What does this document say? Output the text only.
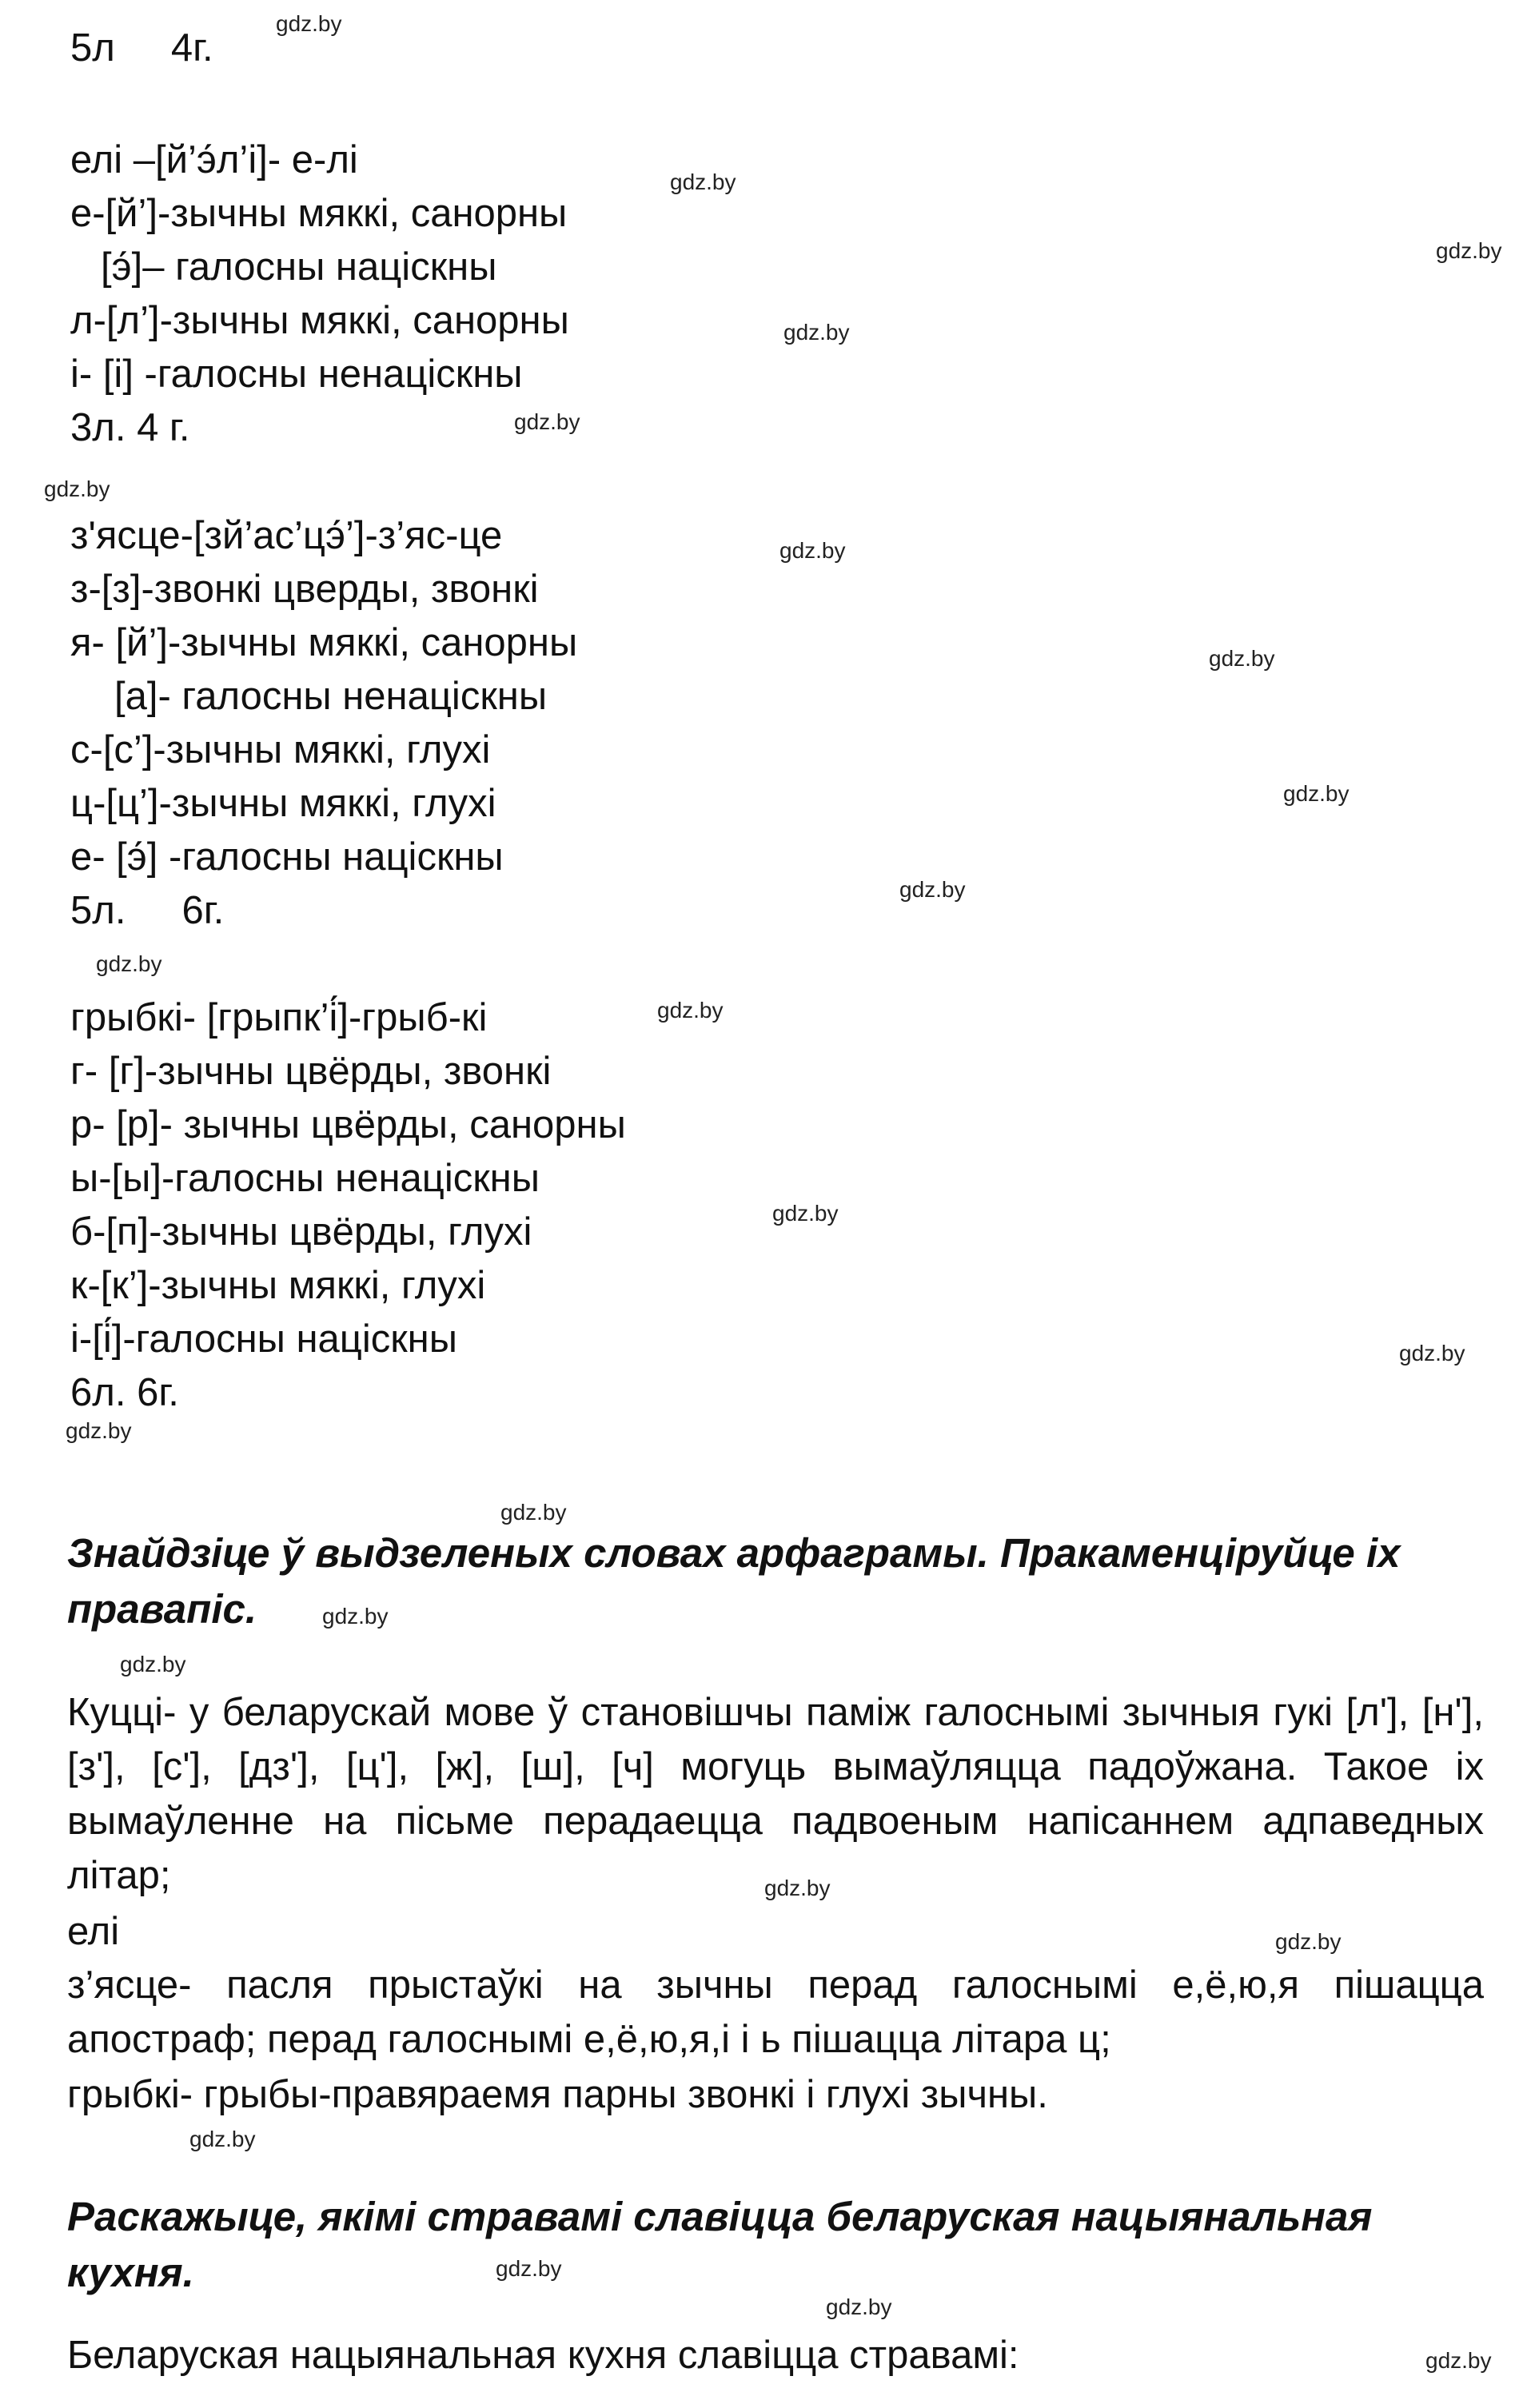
5л 4г.
елі –[й’э́л’і]- е-лі
е-[й’]-зычны мяккі, санорны
[э́]– галосны націскны
л-[л’]-зычны мяккі, санорны
і- [і] -галосны ненаціскны
3л. 4 г.
з'ясце-[зй’ас’цэ́’]-з’яс-це
з-[з]-звонкі цверды, звонкі
я- [й’]-зычны мяккі, санорны
[а]- галосны ненаціскны
с-[с’]-зычны мяккі, глухі
ц-[ц’]-зычны мяккі, глухі
е- [э́] -галосны націскны
5л. 6г.
грыбкі- [грыпк’і́]-грыб-кі
г- [г]-зычны цвёрды, звонкі
р- [р]- зычны цвёрды, санорны
ы-[ы]-галосны ненаціскны
б-[п]-зычны цвёрды, глухі
к-[к’]-зычны мяккі, глухі
і-[і́]-галосны націскны
6л. 6г.

Знайдзіце ў выдзеленых словах арфаграмы. Пракаменціруйце іх правапіс.

Куцці- у беларускай мове ў становішчы паміж галоснымі зычныя гукі [л'], [н'], [з'], [с'], [дз'], [ц'], [ж], [ш], [ч] могуць вымаўляцца падоўжана. Такое іх вымаўленне на пісьме перадаецца падвоеным напісаннем адпаведных літар;

елі

з’ясце- пасля прыстаўкі на зычны перад галоснымі е,ё,ю,я пішацца апостраф; перад галоснымі е,ё,ю,я,і і ь пішацца літара ц;

грыбкі- грыбы-правяраемя парны звонкі і глухі зычны.

Раскажыце, якімі стравамі славіцца беларуская нацыянальная кухня.

Беларуская нацыянальная кухня славіцца стравамі:
gdz.by
gdz.by
gdz.by
gdz.by
gdz.by
gdz.by
gdz.by
gdz.by
gdz.by
gdz.by
gdz.by
gdz.by
gdz.by
gdz.by
gdz.by
gdz.by
gdz.by
gdz.by
gdz.by
gdz.by
gdz.by
gdz.by
gdz.by
gdz.by
